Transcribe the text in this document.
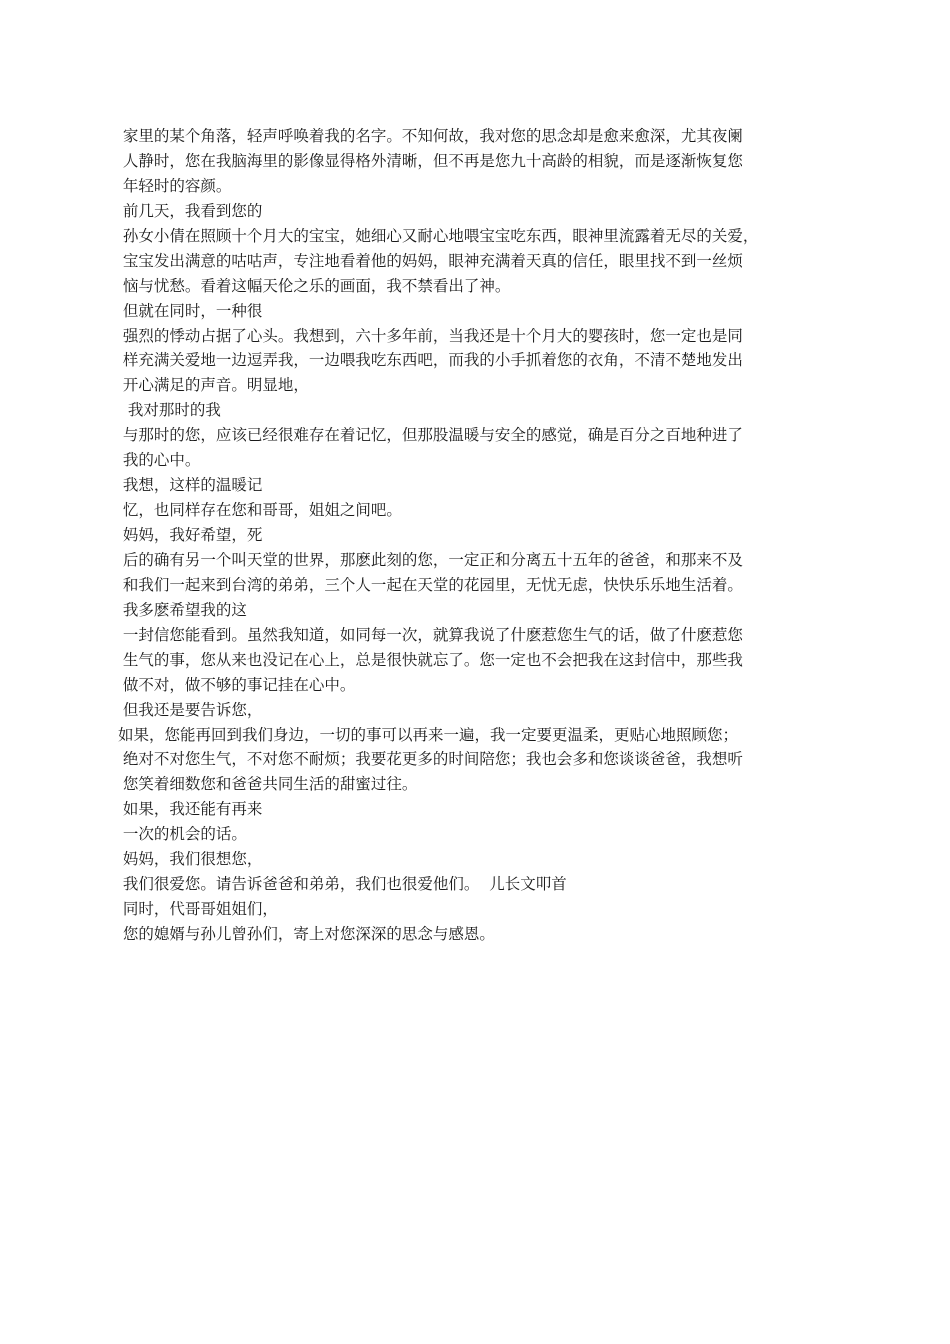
家里的某个角落，轻声呼唤着我的名字。不知何故，我对您的思念却是愈来愈深，尤其夜阑
人静时，您在我脑海里的影像显得格外清晰，但不再是您九十高龄的相貌，而是逐渐恢复您
年轻时的容颜。
前几天，我看到您的
孙女小倩在照顾十个月大的宝宝，她细心又耐心地喂宝宝吃东西，眼神里流露着无尽的关爱，
宝宝发出满意的咕咕声，专注地看着他的妈妈，眼神充满着天真的信任，眼里找不到一丝烦
恼与忧愁。看着这幅天伦之乐的画面，我不禁看出了神。
但就在同时，一种很
强烈的悸动占据了心头。我想到，六十多年前，当我还是十个月大的婴孩时，您一定也是同
样充满关爱地一边逗弄我，一边喂我吃东西吧，而我的小手抓着您的衣角，不清不楚地发出
开心满足的声音。明显地，
我对那时的我
与那时的您，应该已经很难存在着记忆，但那股温暖与安全的感觉，确是百分之百地种进了
我的心中。
我想，这样的温暖记
忆，也同样存在您和哥哥，姐姐之间吧。
妈妈，我好希望，死
后的确有另一个叫天堂的世界，那麽此刻的您，一定正和分离五十五年的爸爸，和那来不及
和我们一起来到台湾的弟弟，三个人一起在天堂的花园里，无忧无虑，快快乐乐地生活着。
我多麽希望我的这
一封信您能看到。虽然我知道，如同每一次，就算我说了什麽惹您生气的话，做了什麽惹您
生气的事，您从来也没记在心上，总是很快就忘了。您一定也不会把我在这封信中，那些我
做不对，做不够的事记挂在心中。
但我还是要告诉您，
如果，您能再回到我们身边，一切的事可以再来一遍，我一定要更温柔，更贴心地照顾您；
绝对不对您生气，不对您不耐烦；我要花更多的时间陪您；我也会多和您谈谈爸爸，我想听
您笑着细数您和爸爸共同生活的甜蜜过往。
如果，我还能有再来
一次的机会的话。
妈妈，我们很想您，
我们很爱您。请告诉爸爸和弟弟，我们也很爱他们。  儿长文叩首
同时，代哥哥姐姐们，
您的媳婿与孙儿曾孙们，寄上对您深深的思念与感恩。
